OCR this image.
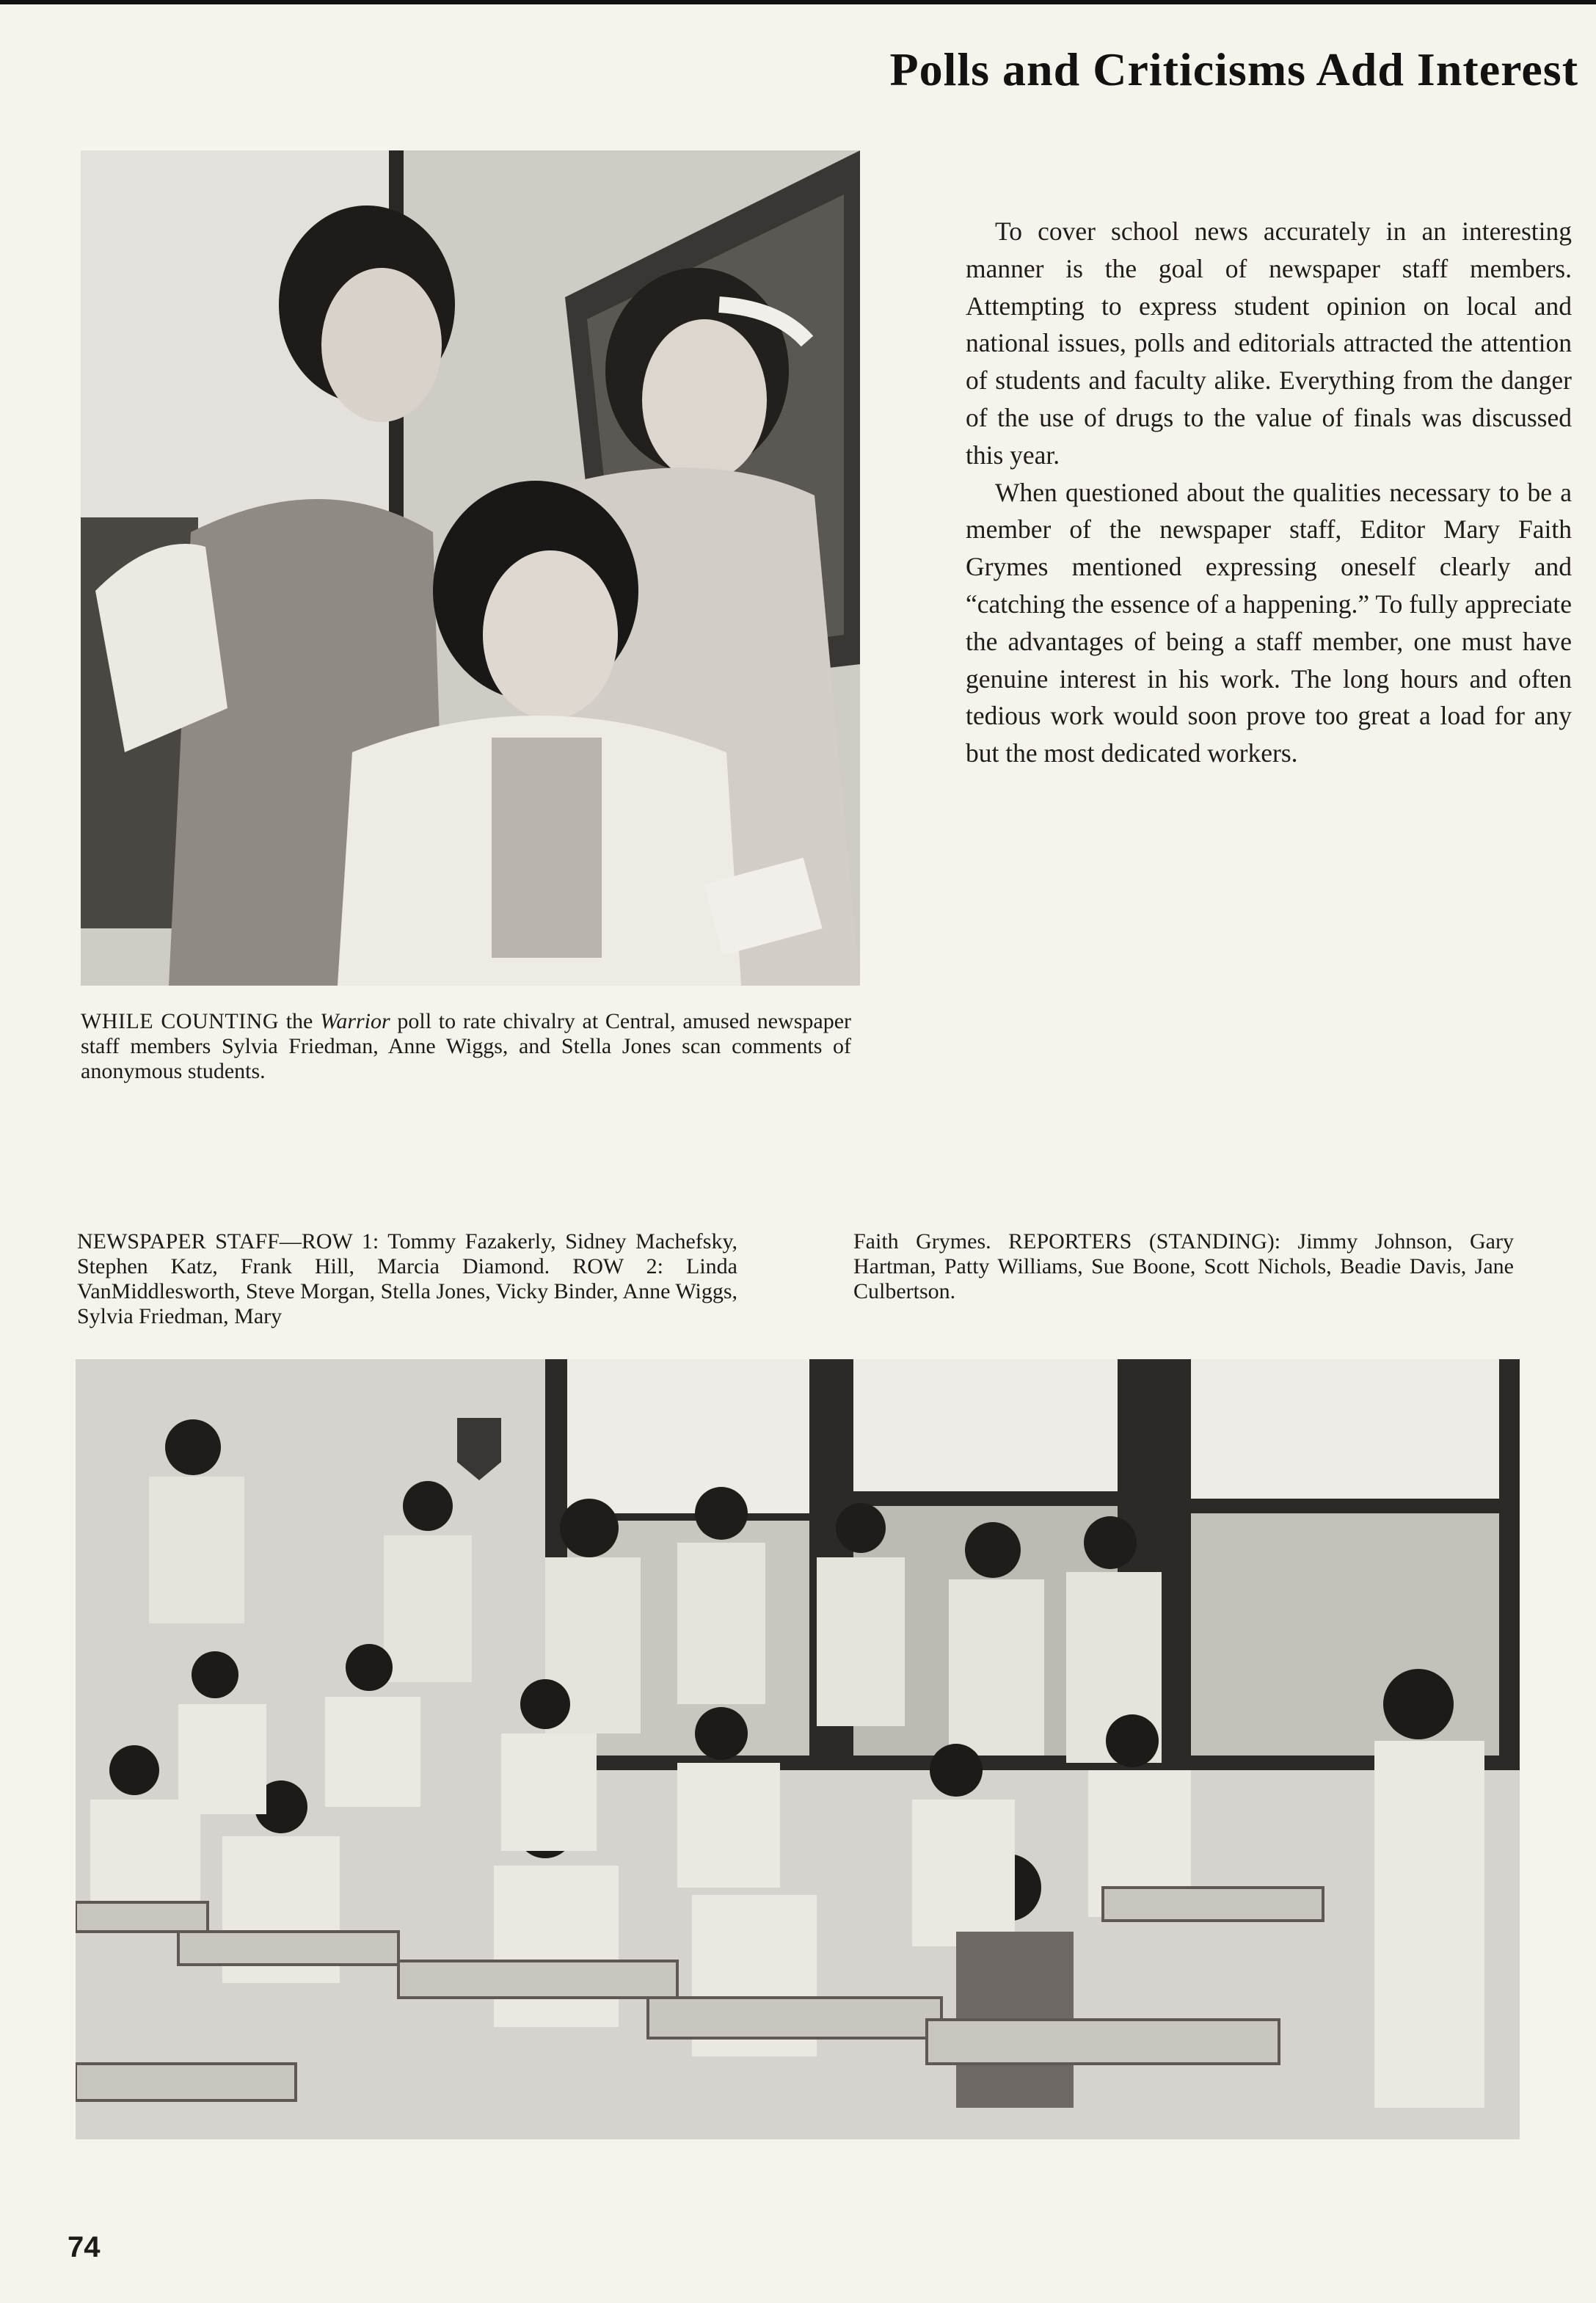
Polls and Criticisms Add Interest

To cover school news accurately in an interesting manner is the goal of newspaper staff members. Attempting to express student opinion on local and national issues, polls and editorials attracted the attention of students and faculty alike. Everything from the danger of the use of drugs to the value of finals was discussed this year.

When questioned about the qualities necessary to be a member of the newspaper staff, Editor Mary Faith Grymes mentioned expressing oneself clearly and “catching the essence of a happening.” To fully appreciate the advantages of being a staff member, one must have genuine interest in his work. The long hours and often tedious work would soon prove too great a load for any but the most dedicated workers.

WHILE COUNTING the Warrior poll to rate chivalry at Central, amused newspaper staff members Sylvia Friedman, Anne Wiggs, and Stella Jones scan comments of anonymous students.
NEWSPAPER STAFF—ROW 1: Tommy Fazakerly, Sidney Machefsky, Stephen Katz, Frank Hill, Marcia Diamond. ROW 2: Linda VanMiddlesworth, Steve Morgan, Stella Jones, Vicky Binder, Anne Wiggs, Sylvia Friedman, Mary
Faith Grymes. REPORTERS (STANDING): Jimmy Johnson, Gary Hartman, Patty Williams, Sue Boone, Scott Nichols, Beadie Davis, Jane Culbertson.
74
